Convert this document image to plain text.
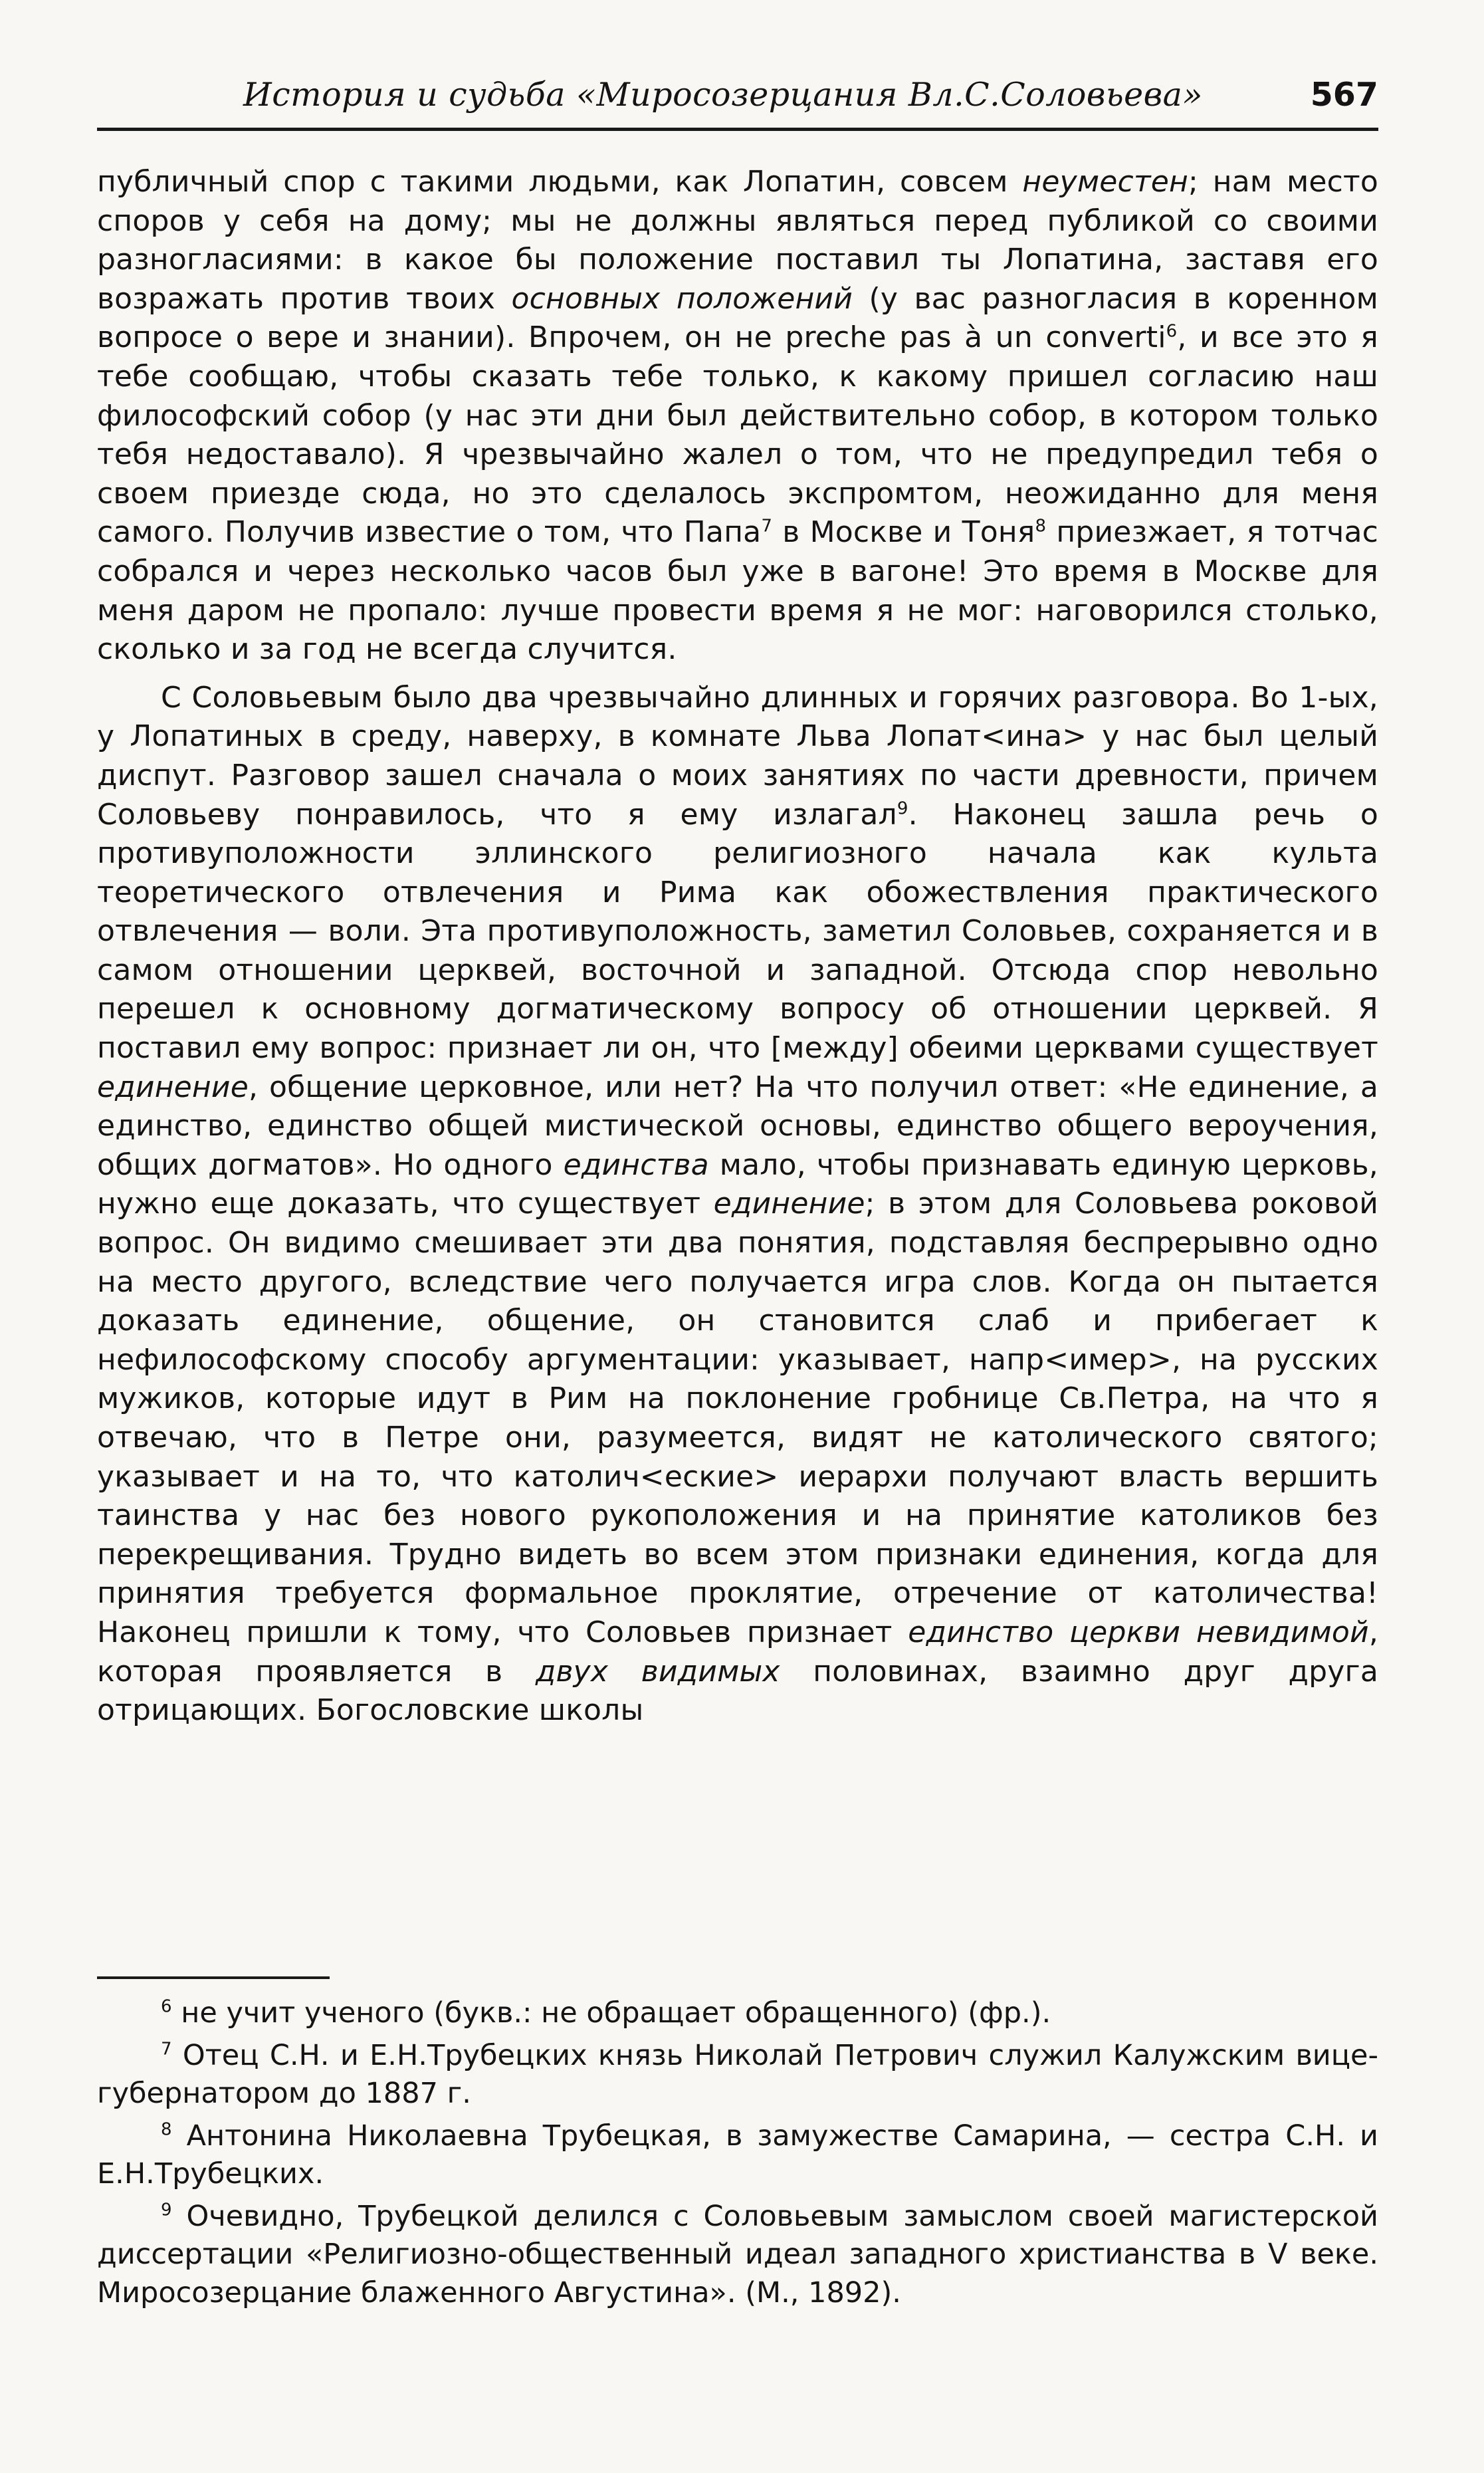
История и судьба «Миросозерцания Вл.С.Соловьева»	567

публичный спор с такими людьми, как Лопатин, совсем неуместен; нам место споров у себя на дому; мы не должны являться перед публикой со своими разногласиями: в какое бы положение поставил ты Лопатина, заставя его возражать против твоих основных положений (у вас разногласия в коренном вопросе о вере и знании). Впрочем, он не preche pas à un converti$^6$, и все это я тебе сообщаю, чтобы сказать тебе только, к какому пришел согласию наш философский собор (у нас эти дни был действительно собор, в котором только тебя недоставало). Я чрезвычайно жалел о том, что не предупредил тебя о своем приезде сюда, но это сделалось экспромтом, неожиданно для меня самого. Получив известие о том, что Папа$^7$ в Москве и Тоня$^8$ приезжает, я тотчас собрался и через несколько часов был уже в вагоне! Это время в Москве для меня даром не пропало: лучше провести время я не мог: наговорился столько, сколько и за год не всегда случится.

С Соловьевым было два чрезвычайно длинных и горячих разговора. Во 1-ых, у Лопатиных в среду, наверху, в комнате Льва Лопат<ина> у нас был целый диспут. Разговор зашел сначала о моих занятиях по части древности, причем Соловьеву понравилось, что я ему излагал$^9$. Наконец зашла речь о противуположности эллинского религиозного начала как культа теоретического отвлечения и Рима как обожествления практического отвлечения — воли. Эта противуположность, заметил Соловьев, сохраняется и в самом отношении церквей, восточной и западной. Отсюда спор невольно перешел к основному догматическому вопросу об отношении церквей. Я поставил ему вопрос: признает ли он, что [между] обеими церквами существует единение, общение церковное, или нет? На что получил ответ: «Не единение, а единство, единство общей мистической основы, единство общего вероучения, общих догматов». Но одного единства мало, чтобы признавать единую церковь, нужно еще доказать, что существует единение; в этом для Соловьева роковой вопрос. Он видимо смешивает эти два понятия, подставляя беспрерывно одно на место другого, вследствие чего получается игра слов. Когда он пытается доказать единение, общение, он становится слаб и прибегает к нефилософскому способу аргументации: указывает, напр<имер>, на русских мужиков, которые идут в Рим на поклонение гробнице Св.Петра, на что я отвечаю, что в Петре они, разумеется, видят не католического святого; указывает и на то, что католич<еские> иерархи получают власть вершить таинства у нас без нового рукоположения и на принятие католиков без перекрещивания. Трудно видеть во всем этом признаки единения, когда для принятия требуется формальное проклятие, отречение от католичества! Наконец пришли к тому, что Соловьев признает единство церкви невидимой, которая проявляется в двух видимых половинах, взаимно друг друга отрицающих. Богословские школы

$^6$ не учит ученого (букв.: не обращает обращенного) (фр.).

$^7$ Отец С.Н. и Е.Н.Трубецких князь Николай Петрович служил Калужским вице-губернатором до 1887 г.

$^8$ Антонина Николаевна Трубецкая, в замужестве Самарина, — сестра С.Н. и Е.Н.Трубецких.

$^9$ Очевидно, Трубецкой делился с Соловьевым замыслом своей магистерской диссертации «Религиозно-общественный идеал западного христианства в V веке. Миросозерцание блаженного Августина». (М., 1892).
